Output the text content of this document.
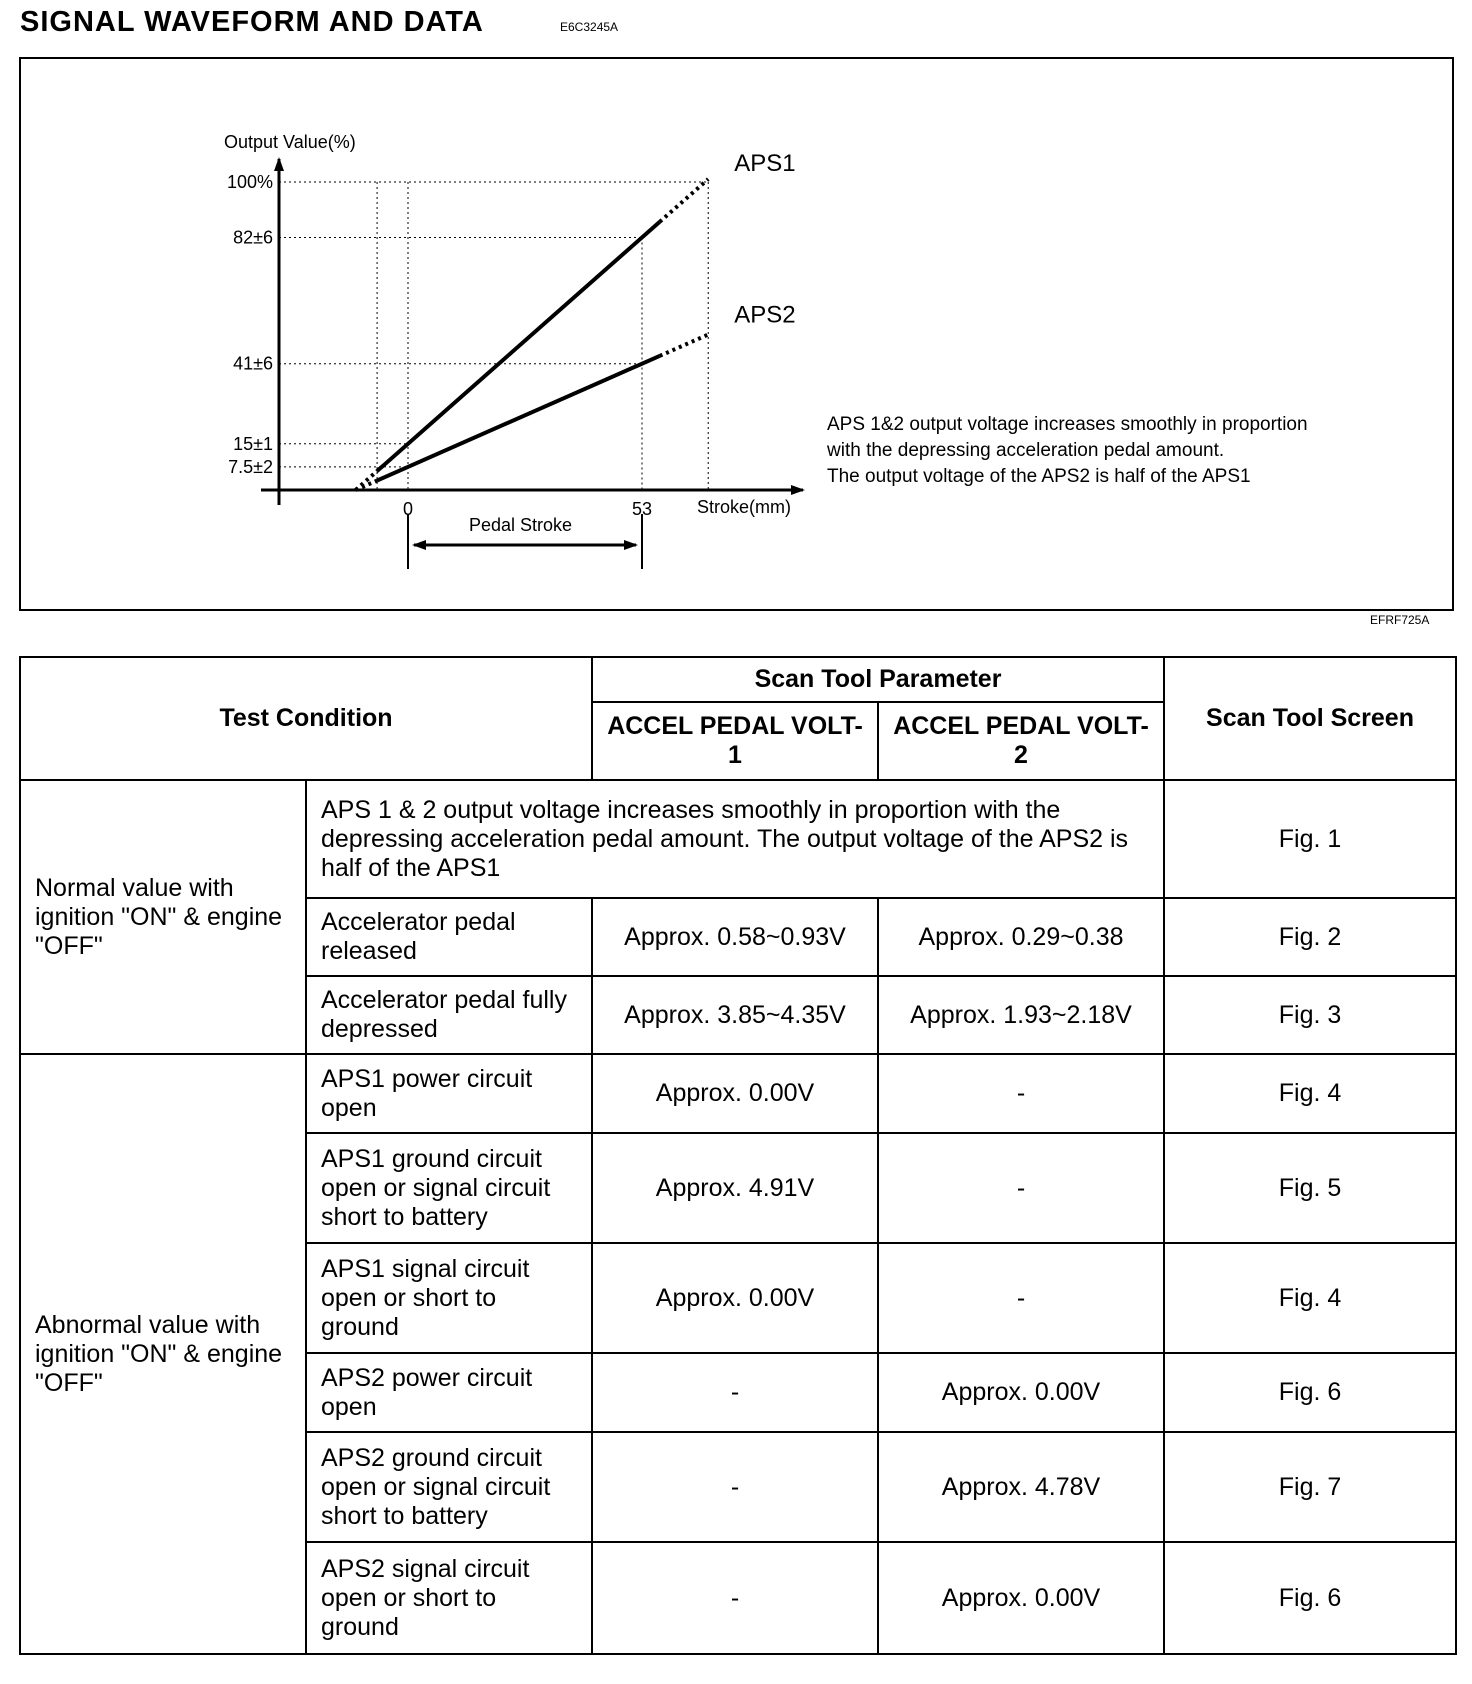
SIGNAL WAVEFORM AND DATA	E6C3245A
Output Value(%)
Stroke(mm)
100%
82±6
41±6
15±1
7.5±2
0	53
APS1
APS2
Pedal Stroke
APS 1&2 output voltage increases smoothly in proportion
with the depressing acceleration pedal amount.
The output voltage of the APS2 is half of the APS1
EFRF725A
Test Condition		Scan Tool Parameter		Scan Tool Screen
		ACCEL PEDAL VOLT-1	ACCEL PEDAL VOLT-2	
Normal value with ignition "ON" & engine "OFF"	APS 1 & 2 output voltage increases smoothly in proportion with the depressing acceleration pedal amount. The output voltage of the APS2 is half of the APS1			Fig. 1
	Accelerator pedal released	Approx. 0.58~0.93V	Approx. 0.29~0.38	Fig. 2
	Accelerator pedal fully depressed	Approx. 3.85~4.35V	Approx. 1.93~2.18V	Fig. 3
Abnormal value with ignition "ON" & engine "OFF"	APS1 power circuit open	Approx. 0.00V	-	Fig. 4
	APS1 ground circuit open or signal circuit short to battery	Approx. 4.91V	-	Fig. 5
	APS1 signal circuit open or short to ground	Approx. 0.00V	-	Fig. 4
	APS2 power circuit open	-	Approx. 0.00V	Fig. 6
	APS2 ground circuit open or signal circuit short to battery	-	Approx. 4.78V	Fig. 7
	APS2 signal circuit open or short to ground	-	Approx. 0.00V	Fig. 6
